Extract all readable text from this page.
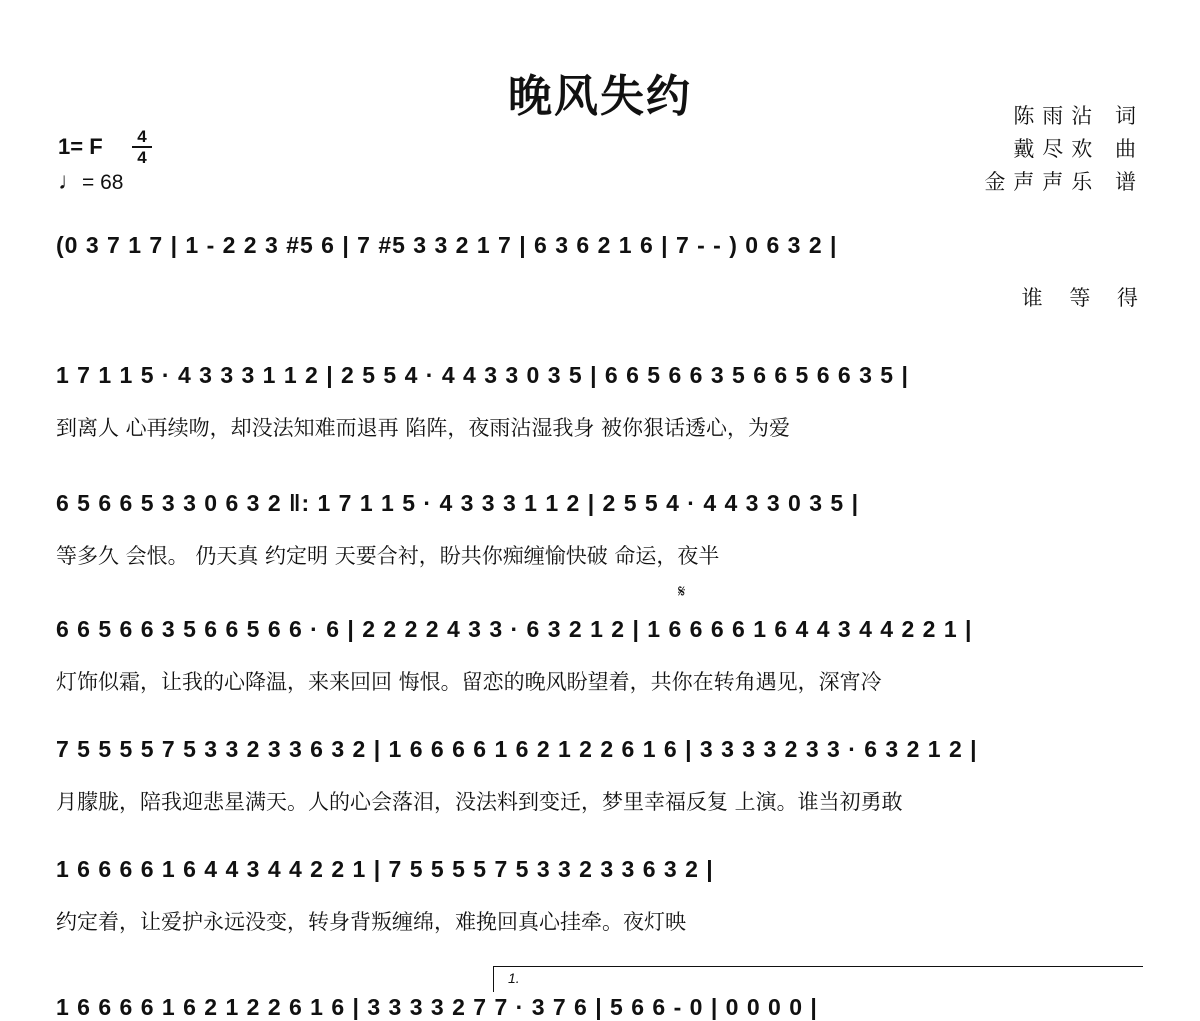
晚风失约	陈雨沾 词
戴尽欢 曲
金声声乐 谱
1= F	4
4
♩= 68
(0 3 7 1 7 | 1 - 2 2 3 #5 6 | 7 #5 3 3 2 1 7 | 6 3 6 2 1 6 | 7 - - ) 0 6 3 2 |
谁 等 得
1 7 1 1 5 · 4 3 3 3 1 1 2 | 2 5 5 4 · 4 4 3 3 0 3 5 | 6 6 5 6 6 3 5 6 6 5 6 6 3 5 |
到离人 心再续吻，却没法知难而退再 陷阵，夜雨沾湿我身 被你狠话透心，为爱
6 5 6 6 5 3 3 0 6 3 2 ‖: 1 7 1 1 5 · 4 3 3 3 1 1 2 | 2 5 5 4 · 4 4 3 3 0 3 5 |
等多久 会恨。 仍天真 约定明 天要合衬，盼共你痴缠愉快破 命运，夜半
𝄋
6 6 5 6 6 3 5 6 6 5 6 6 · 6 | 2 2 2 2 4 3 3 · 6 3 2 1 2 | 1 6 6 6 6 1 6 4 4 3 4 4 2 2 1 |
灯饰似霜，让我的心降温，来来回回 悔恨。留恋的晚风盼望着，共你在转角遇见，深宵冷
7 5 5 5 5 7 5 3 3 2 3 3 6 3 2 | 1 6 6 6 6 1 6 2 1 2 2 6 1 6 | 3 3 3 3 2 3 3 · 6 3 2 1 2 |
月朦胧，陪我迎悲星满天。人的心会落泪，没法料到变迁，梦里幸福反复 上演。谁当初勇敢
1 6 6 6 6 1 6 4 4 3 4 4 2 2 1 | 7 5 5 5 5 7 5 3 3 2 3 3 6 3 2 |
约定着，让爱护永远没变，转身背叛缠绵，难挽回真心挂牵。夜灯映
1.
1 6 6 6 6 1 6 2 1 2 2 6 1 6 | 3 3 3 3 2 7 7 · 3 7 6 | 5 6 6 - 0 | 0 0 0 0 |
